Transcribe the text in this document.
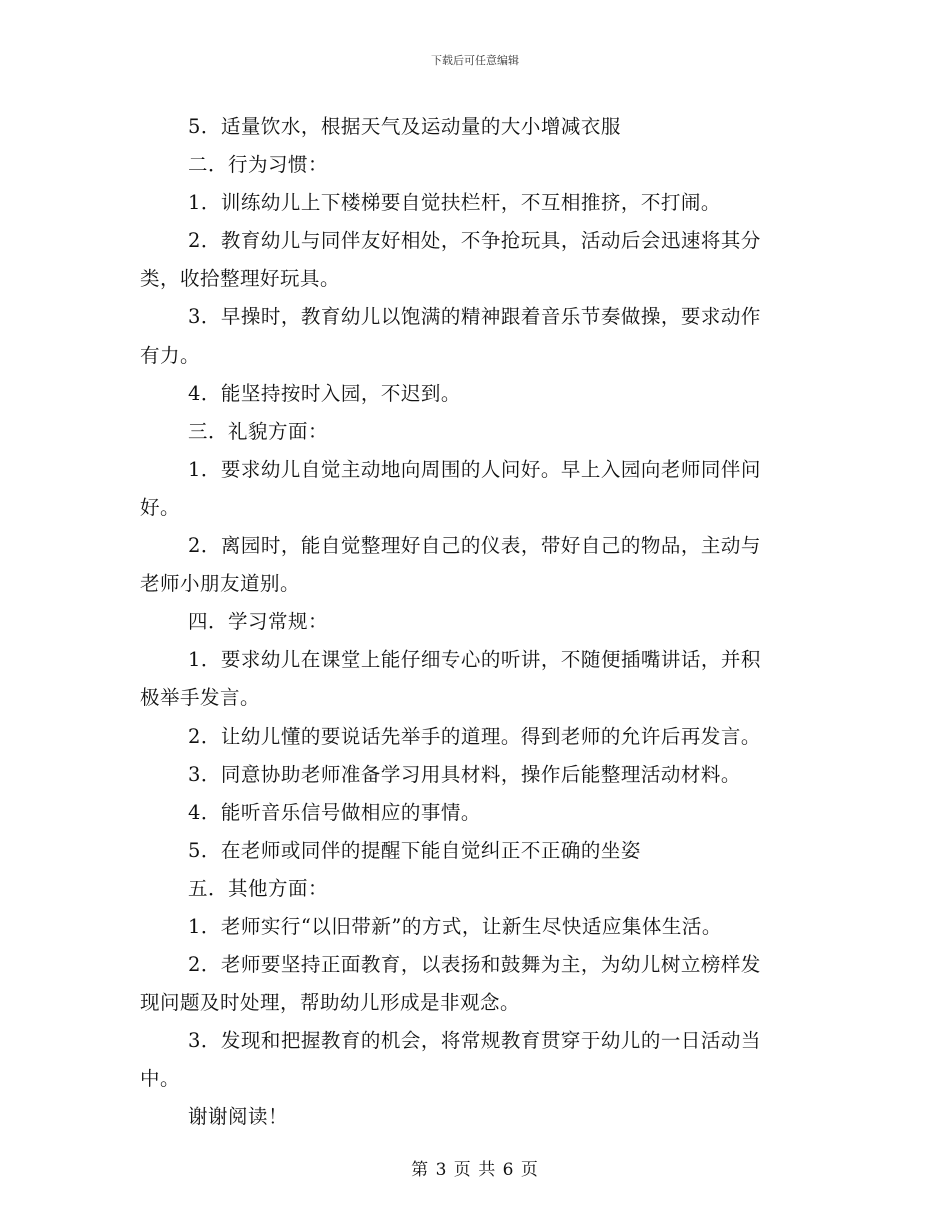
下载后可任意编辑
5．适量饮水，根据天气及运动量的大小增减衣服
二．行为习惯：
1．训练幼儿上下楼梯要自觉扶栏杆，不互相推挤，不打闹。
2．教育幼儿与同伴友好相处，不争抢玩具，活动后会迅速将其分
类，收拾整理好玩具。
3．早操时，教育幼儿以饱满的精神跟着音乐节奏做操，要求动作
有力。
4．能坚持按时入园，不迟到。
三．礼貌方面：
1．要求幼儿自觉主动地向周围的人问好。早上入园向老师同伴问
好。
2．离园时，能自觉整理好自己的仪表，带好自己的物品，主动与
老师小朋友道别。
四．学习常规：
1．要求幼儿在课堂上能仔细专心的听讲，不随便插嘴讲话，并积
极举手发言。
2．让幼儿懂的要说话先举手的道理。得到老师的允许后再发言。
3．同意协助老师准备学习用具材料，操作后能整理活动材料。
4．能听音乐信号做相应的事情。
5．在老师或同伴的提醒下能自觉纠正不正确的坐姿
五．其他方面：
1．老师实行“以旧带新”的方式，让新生尽快适应集体生活。
2．老师要坚持正面教育，以表扬和鼓舞为主，为幼儿树立榜样发
现问题及时处理，帮助幼儿形成是非观念。
3．发现和把握教育的机会，将常规教育贯穿于幼儿的一日活动当
中。
谢谢阅读！
第 3 页 共 6 页
